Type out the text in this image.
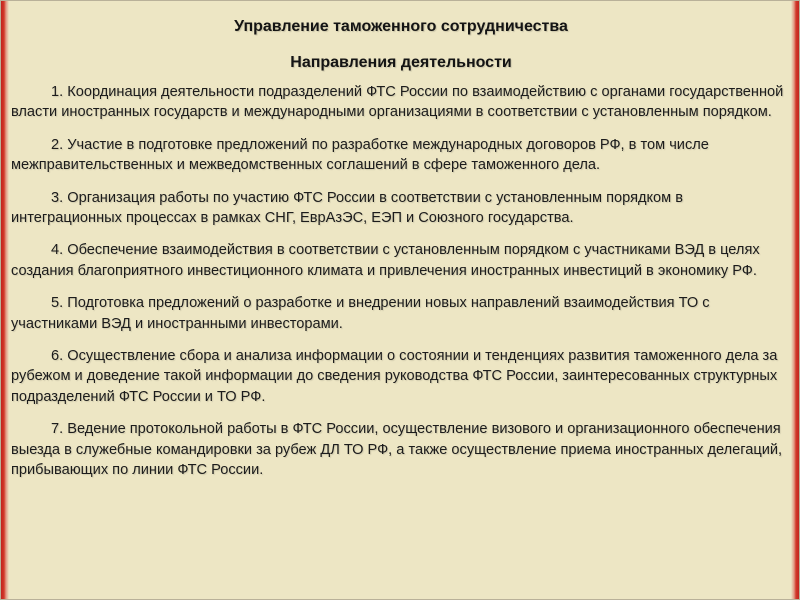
Управление таможенного сотрудничества
Направления деятельности
1. Координация деятельности подразделений ФТС России по взаимодействию с органами государственной власти иностранных государств и международными организациями в соответствии с установленным порядком.
2. Участие в подготовке предложений по разработке международных договоров РФ, в том числе межправительственных и межведомственных соглашений в сфере таможенного дела.
3. Организация работы по участию ФТС России в соответствии с установленным порядком в интеграционных процессах в рамках СНГ, ЕврАзЭС, ЕЭП и Союзного государства.
4. Обеспечение взаимодействия в соответствии с установленным порядком с участниками ВЭД в целях создания благоприятного инвестиционного климата и привлечения иностранных инвестиций в экономику РФ.
5. Подготовка предложений о разработке и внедрении новых направлений взаимодействия ТО с участниками ВЭД и иностранными инвесторами.
6. Осуществление сбора и анализа информации о состоянии и тенденциях развития таможенного дела за рубежом и доведение такой информации до сведения руководства ФТС России, заинтересованных структурных подразделений ФТС России и ТО РФ.
7. Ведение протокольной работы в ФТС России, осуществление визового и организационного обеспечения выезда в служебные командировки за рубеж ДЛ ТО РФ, а также осуществление приема иностранных делегаций, прибывающих по линии ФТС России.
